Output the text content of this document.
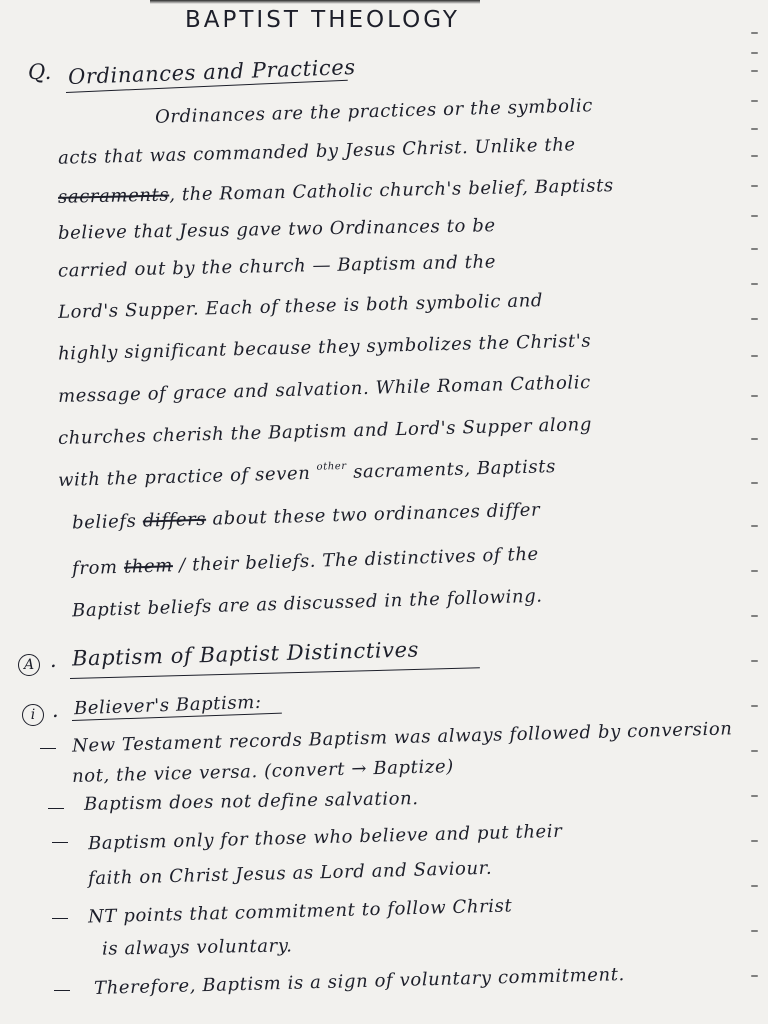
BAPTIST THEOLOGY
Q. Ordinances and Practices
Ordinances are the practices or the symbolic
acts that was commanded by Jesus Christ. Unlike the
sacraments, the Roman Catholic church's belief, Baptists
believe that Jesus gave two Ordinances to be
carried out by the church — Baptism and the
Lord's Supper. Each of these is both symbolic and
highly significant because they symbolizes the Christ's
message of grace and salvation. While Roman Catholic
churches cherish the Baptism and Lord's Supper along
with the practice of seven $^{other}$ sacraments, Baptists
beliefs differs about these two ordinances differ
from them / their beliefs. The distinctives of the
Baptist beliefs are as discussed in the following.
A . Baptism of Baptist Distinctives
i . Believer's Baptism:
New Testament records Baptism was always followed by conversion
not, the vice versa. (convert → Baptize)
Baptism does not define salvation.
Baptism only for those who believe and put their
faith on Christ Jesus as Lord and Saviour.
NT points that commitment to follow Christ
is always voluntary.
Therefore, Baptism is a sign of voluntary commitment.
